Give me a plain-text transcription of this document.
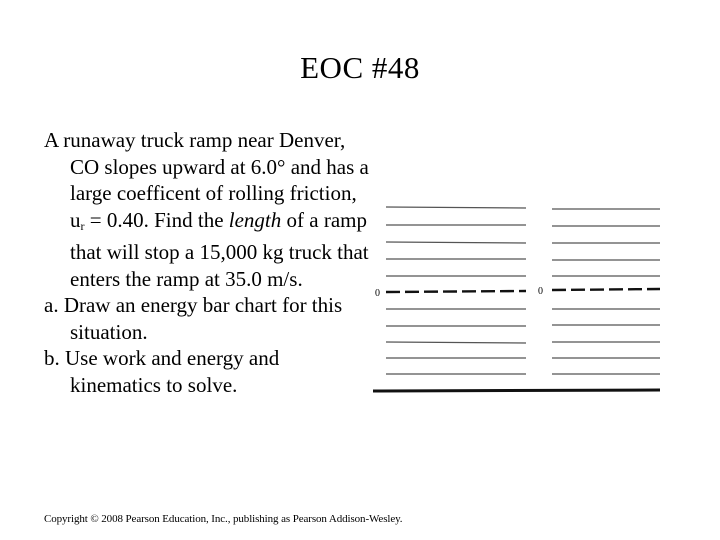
EOC #48

A runaway truck ramp near Denver, CO slopes upward at 6.0° and has a large coefficent of rolling friction, $u_r = 0.40$. Find the length of a ramp that will stop a 15,000 kg truck that enters the ramp at 35.0 m/s.

a. Draw an energy bar chart for this situation.

b. Use work and energy and kinematics to solve.

0	0
Copyright © 2008 Pearson Education, Inc., publishing as Pearson Addison-Wesley.
